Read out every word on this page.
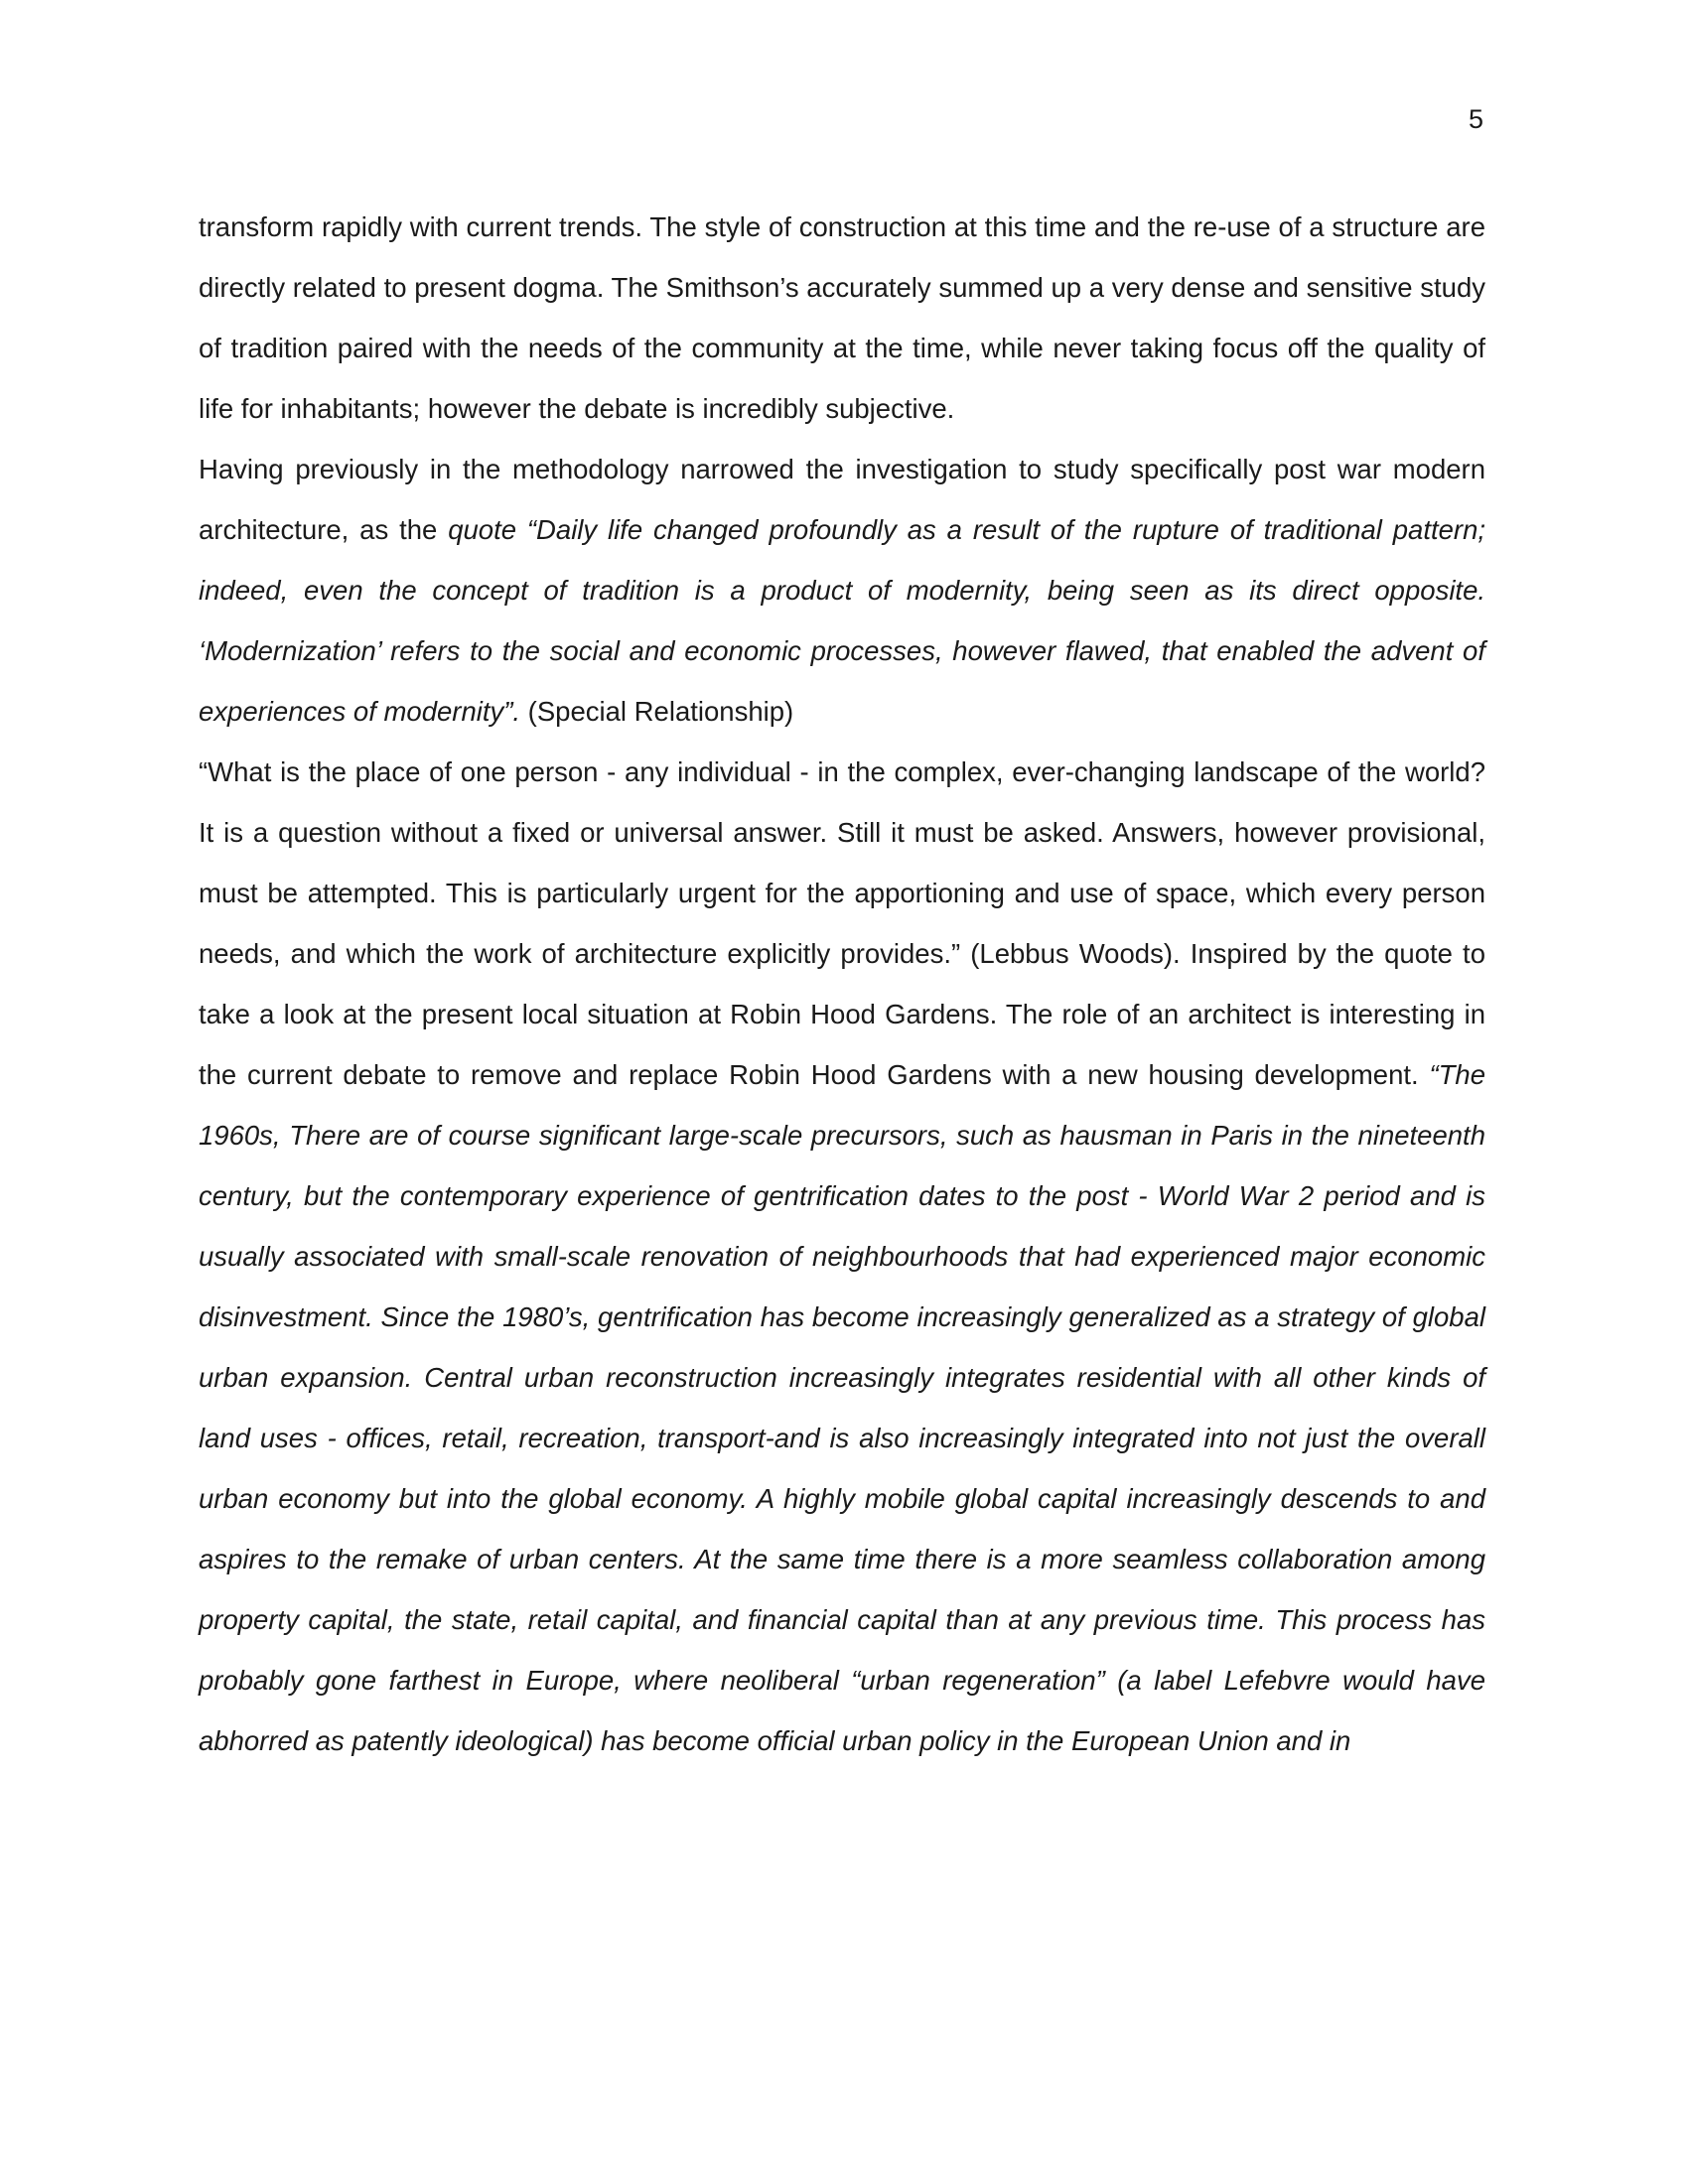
5

transform rapidly with current trends. The style of construction at this time and the re-use of a structure are directly related to present dogma. The Smithson’s accurately summed up a very dense and sensitive study of tradition paired with the needs of the community at the time, while never taking focus off the quality of life for inhabitants; however the debate is incredibly subjective.

Having previously in the methodology narrowed the investigation to study specifically post war modern architecture, as the quote “Daily life changed profoundly as a result of the rupture of traditional pattern; indeed, even the concept of tradition is a product of modernity, being seen as its direct opposite. ‘Modernization’ refers to the social and economic processes, however flawed, that enabled the advent of experiences of modernity”. (Special Relationship)

“What is the place of one person - any individual - in the complex, ever-changing landscape of the world? It is a question without a fixed or universal answer. Still it must be asked. Answers, however provisional, must be attempted. This is particularly urgent for the apportioning and use of space, which every person needs, and which the work of architecture explicitly provides.” (Lebbus Woods). Inspired by the quote to take a look at the present local situation at Robin Hood Gardens. The role of an architect is interesting in the current debate to remove and replace Robin Hood Gardens with a new housing development. “The 1960s, There are of course significant large-scale precursors, such as hausman in Paris in the nineteenth century, but the contemporary experience of gentrification dates to the post - World War 2 period and is usually associated with small-scale renovation of neighbourhoods that had experienced major economic disinvestment. Since the 1980’s, gentrification has become increasingly generalized as a strategy of global urban expansion. Central urban reconstruction increasingly integrates residential with all other kinds of land uses - offices, retail, recreation, transport-and is also increasingly integrated into not just the overall urban economy but into the global economy. A highly mobile global capital increasingly descends to and aspires to the remake of urban centers. At the same time there is a more seamless collaboration among property capital, the state, retail capital, and financial capital than at any previous time. This process has probably gone farthest in Europe, where neoliberal “urban regeneration” (a label Lefebvre would have abhorred as patently ideological) has become official urban policy in the European Union and in
